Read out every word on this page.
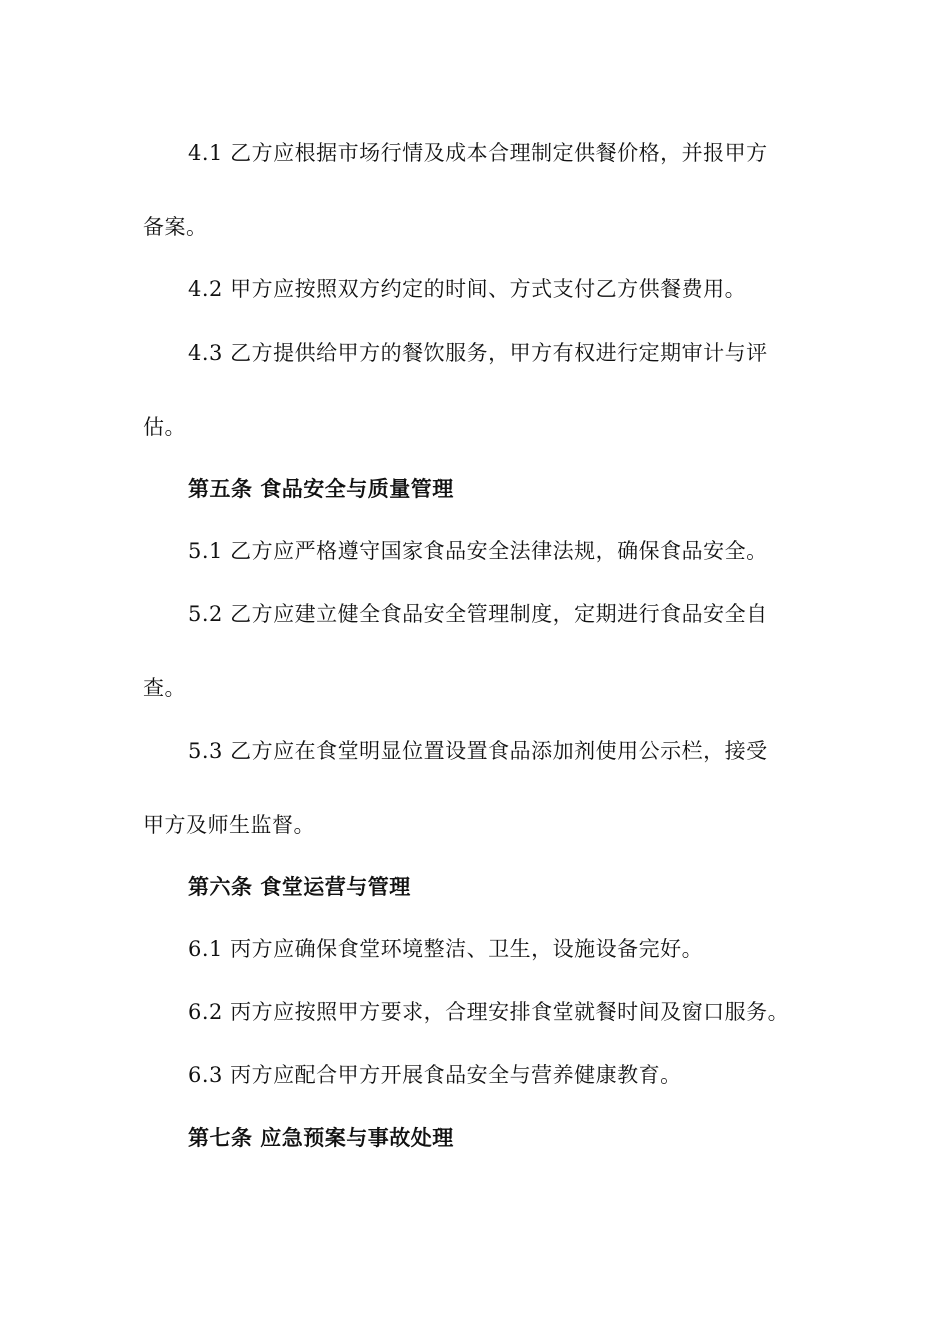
4.1 乙方应根据市场行情及成本合理制定供餐价格，并报甲方
备案。
4.2 甲方应按照双方约定的时间、方式支付乙方供餐费用。
4.3 乙方提供给甲方的餐饮服务，甲方有权进行定期审计与评
估。
第五条 食品安全与质量管理
5.1 乙方应严格遵守国家食品安全法律法规，确保食品安全。
5.2 乙方应建立健全食品安全管理制度，定期进行食品安全自
查。
5.3 乙方应在食堂明显位置设置食品添加剂使用公示栏，接受
甲方及师生监督。
第六条 食堂运营与管理
6.1 丙方应确保食堂环境整洁、卫生，设施设备完好。
6.2 丙方应按照甲方要求，合理安排食堂就餐时间及窗口服务。
6.3 丙方应配合甲方开展食品安全与营养健康教育。
第七条 应急预案与事故处理
